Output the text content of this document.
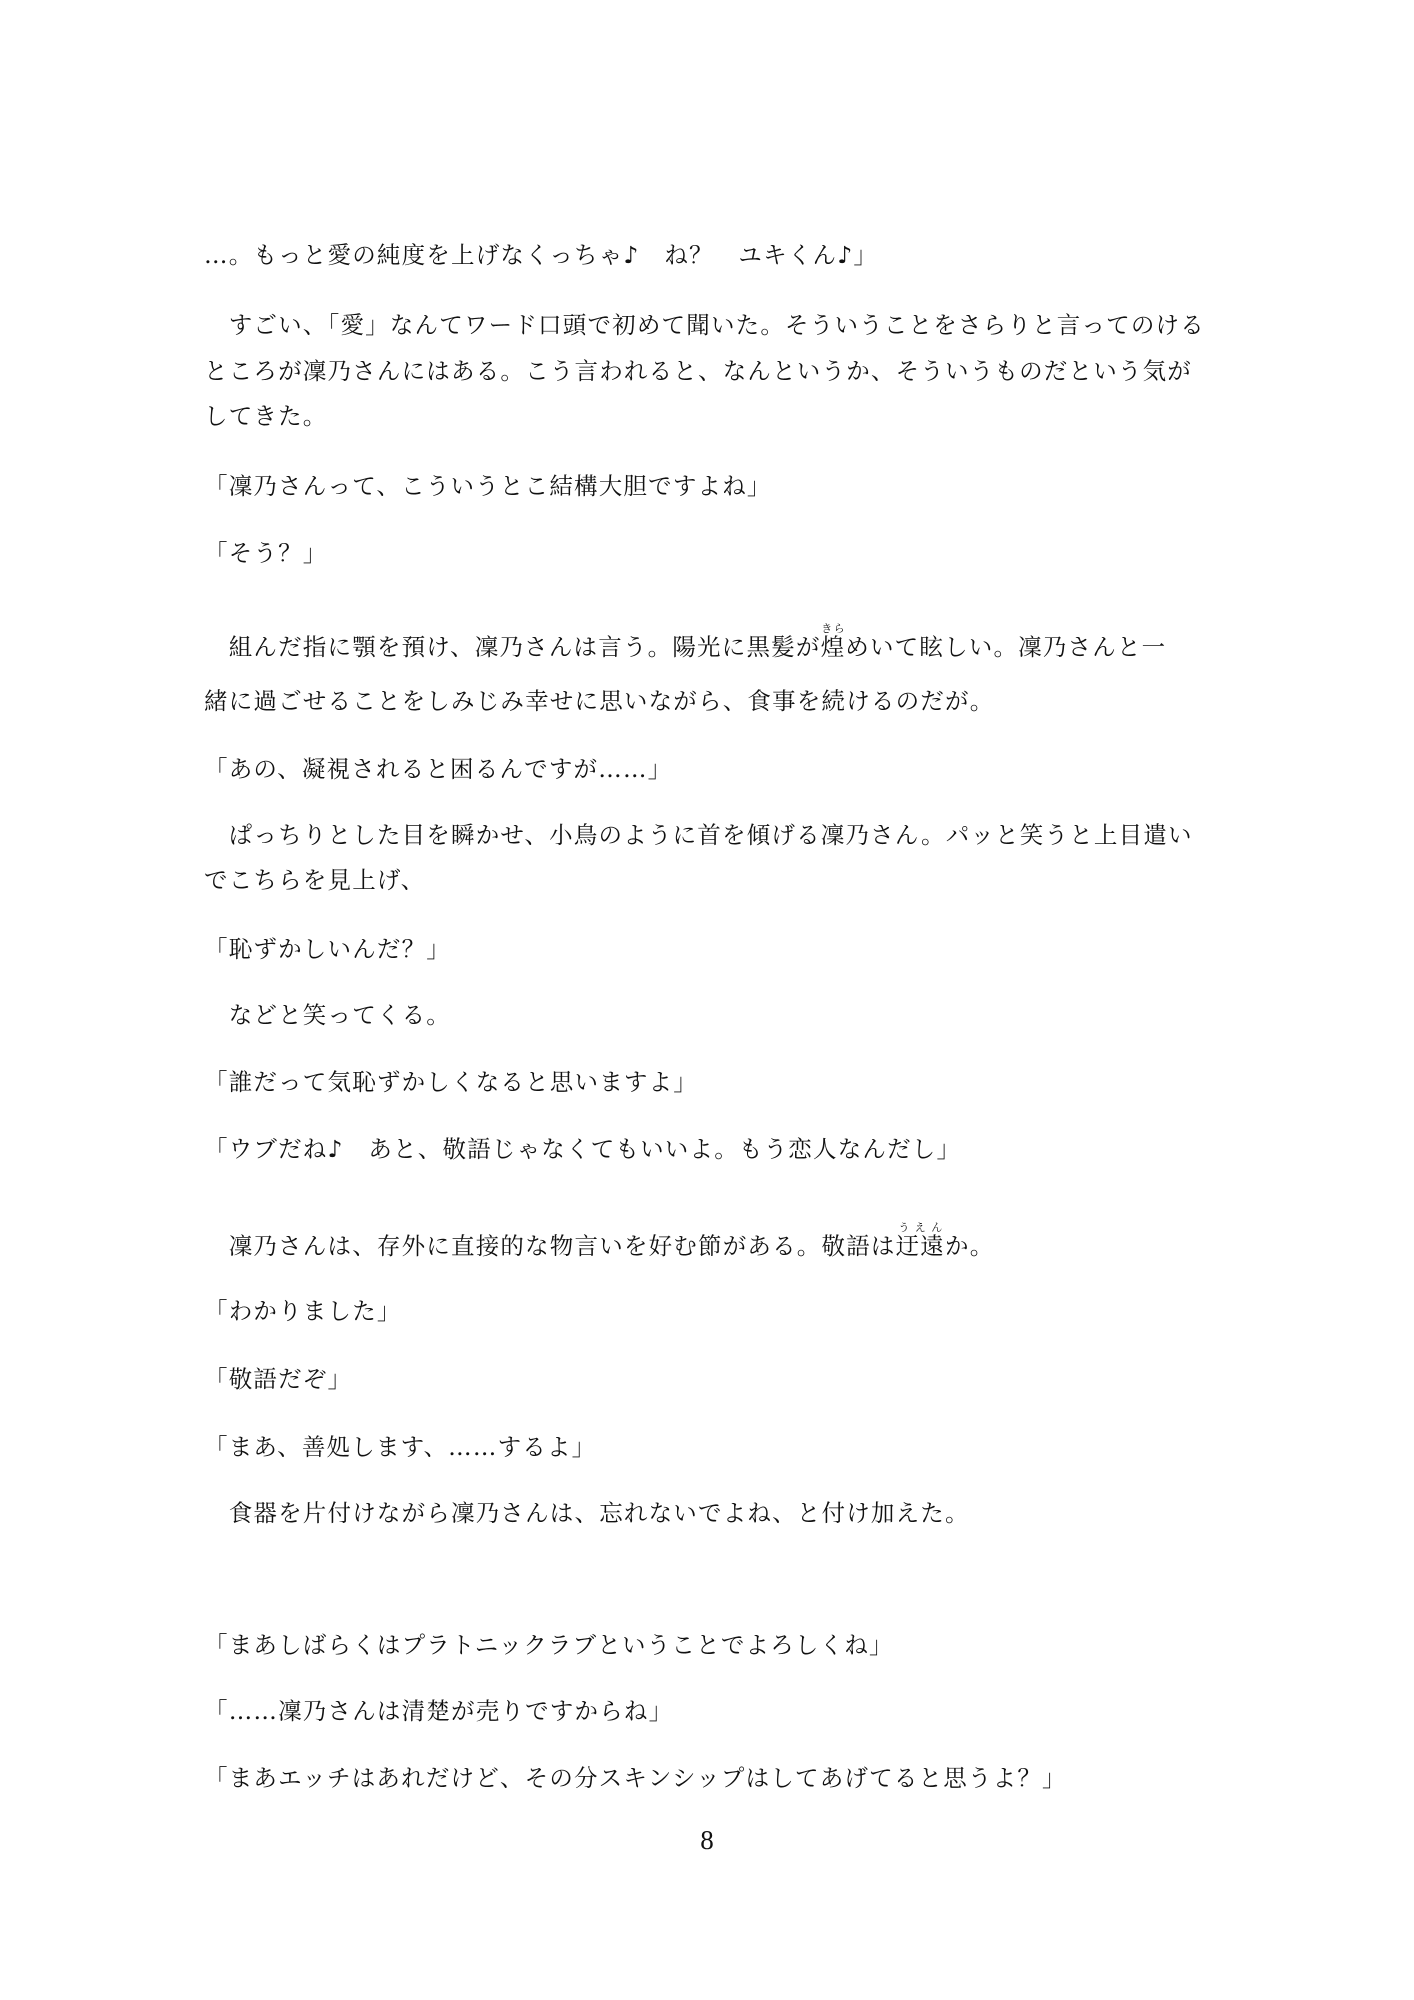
…。もっと愛の純度を上げなくっちゃ♪　ね？　ユキくん♪」

　すごい、「愛」なんてワード口頭で初めて聞いた。そういうことをさらりと言ってのける

ところが凜乃さんにはある。こう言われると、なんというか、そういうものだという気が

してきた。

「凜乃さんって、こういうとこ結構大胆ですよね」

「そう？」

　組んだ指に顎を預け、凜乃さんは言う。陽光に黒髪が煌きらめいて眩しい。凜乃さんと一

緒に過ごせることをしみじみ幸せに思いながら、食事を続けるのだが。

「あの、凝視されると困るんですが……」

　ぱっちりとした目を瞬かせ、小鳥のように首を傾げる凜乃さん。パッと笑うと上目遣い

でこちらを見上げ、

「恥ずかしいんだ？」

　などと笑ってくる。

「誰だって気恥ずかしくなると思いますよ」

「ウブだね♪　あと、敬語じゃなくてもいいよ。もう恋人なんだし」

　凜乃さんは、存外に直接的な物言いを好む節がある。敬語は迂遠うえんか。

「わかりました」

「敬語だぞ」

「まあ、善処します、……するよ」

　食器を片付けながら凜乃さんは、忘れないでよね、と付け加えた。

「まあしばらくはプラトニックラブということでよろしくね」

「……凜乃さんは清楚が売りですからね」

「まあエッチはあれだけど、その分スキンシップはしてあげてると思うよ？」

8
